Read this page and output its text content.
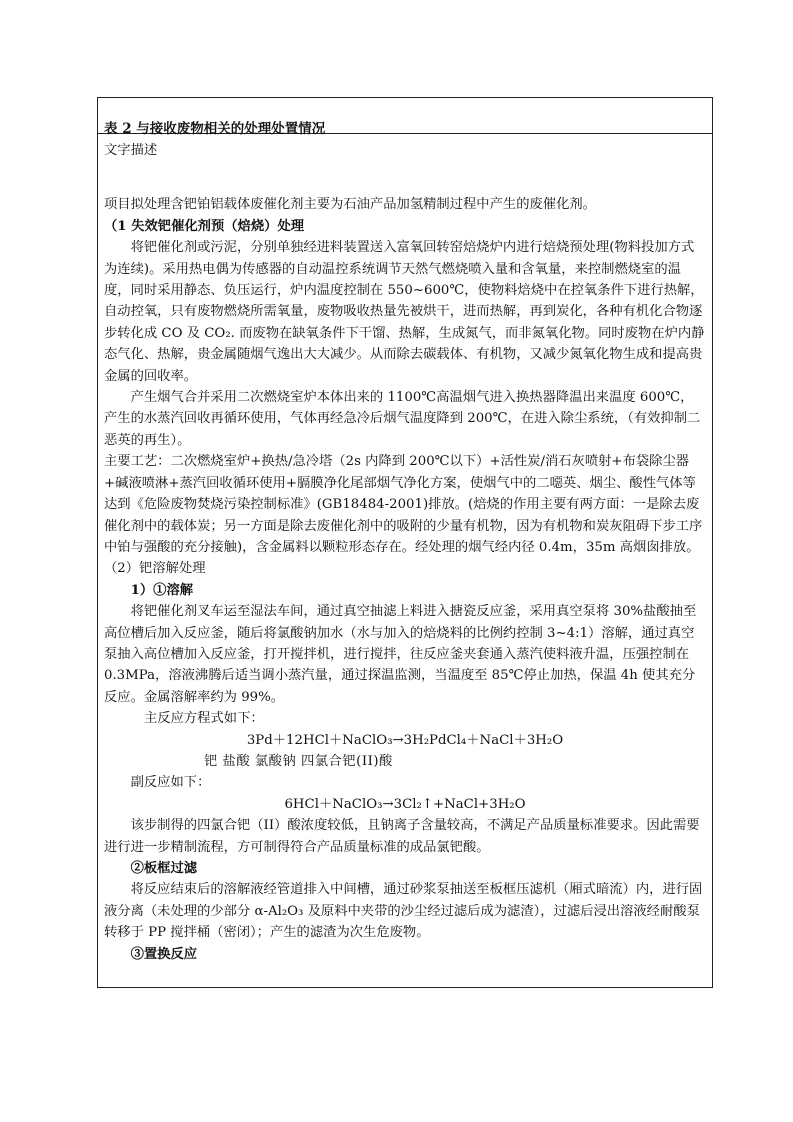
表 2 与接收废物相关的处理处置情况

文字描述

项目拟处理含钯铂铝载体废催化剂主要为石油产品加氢精制过程中产生的废催化剂。

（1 失效钯催化剂预（焙烧）处理

将钯催化剂或污泥，分别单独经进料装置送入富氧回转窑焙烧炉内进行焙烧预处理(物料投加方式为连续)。采用热电偶为传感器的自动温控系统调节天然气燃烧喷入量和含氧量，来控制燃烧室的温度，同时采用静态、负压运行，炉内温度控制在 550~600℃，使物料焙烧中在控氧条件下进行热解，自动控氧，只有废物燃烧所需氧量，废物吸收热量先被烘干，进而热解，再到炭化，各种有机化合物逐步转化成 CO 及 CO₂. 而废物在缺氧条件下干馏、热解，生成氮气，而非氮氧化物。同时废物在炉内静态气化、热解，贵金属随烟气逸出大大减少。从而除去碳载体、有机物，又减少氮氧化物生成和提高贵金属的回收率。

产生烟气合并采用二次燃烧室炉本体出来的 1100℃高温烟气进入换热器降温出来温度 600℃，产生的水蒸汽回收再循环使用，气体再经急冷后烟气温度降到 200℃，在进入除尘系统，（有效抑制二恶英的再生）。

主要工艺：二次燃烧室炉+换热/急冷塔（2s 内降到 200℃以下）+活性炭/消石灰喷射+布袋除尘器+碱液喷淋+蒸汽回收循环使用+膈膜净化尾部烟气净化方案，使烟气中的二噁英、烟尘、酸性气体等达到《危险废物焚烧污染控制标准》(GB18484-2001)排放。(焙烧的作用主要有两方面：一是除去废催化剂中的载体炭；另一方面是除去废催化剂中的吸附的少量有机物，因为有机物和炭灰阻碍下步工序中铂与强酸的充分接触)，含金属料以颗粒形态存在。经处理的烟气经内径 0.4m，35m 高烟囱排放。

（2）钯溶解处理

1）①溶解

将钯催化剂叉车运至湿法车间，通过真空抽滤上料进入搪瓷反应釜，采用真空泵将 30%盐酸抽至高位槽后加入反应釜，随后将氯酸钠加水（水与加入的焙烧料的比例约控制 3~4:1）溶解，通过真空泵抽入高位槽加入反应釜，打开搅拌机，进行搅拌，往反应釜夹套通入蒸汽使料液升温，压强控制在 0.3MPa，溶液沸腾后适当调小蒸汽量，通过探温监测，当温度至 85℃停止加热，保温 4h 使其充分反应。金属溶解率约为 99%。

主反应方程式如下：

3Pd＋12HCl＋NaClO₃→3H₂PdCl₄＋NaCl＋3H₂O

钯 盐酸 氯酸钠 四氯合钯(II)酸

副反应如下：

6HCl＋NaClO₃→3Cl₂↑+NaCl+3H₂O

该步制得的四氯合钯（II）酸浓度较低，且钠离子含量较高，不满足产品质量标准要求。因此需要进行进一步精制流程，方可制得符合产品质量标准的成品氯钯酸。

②板框过滤

将反应结束后的溶解液经管道排入中间槽，通过砂浆泵抽送至板框压滤机（厢式暗流）内，进行固液分离（未处理的少部分 α-Al₂O₃ 及原料中夹带的沙尘经过滤后成为滤渣），过滤后浸出溶液经耐酸泵转移于 PP 搅拌桶（密闭）；产生的滤渣为次生危废物。

③置换反应
